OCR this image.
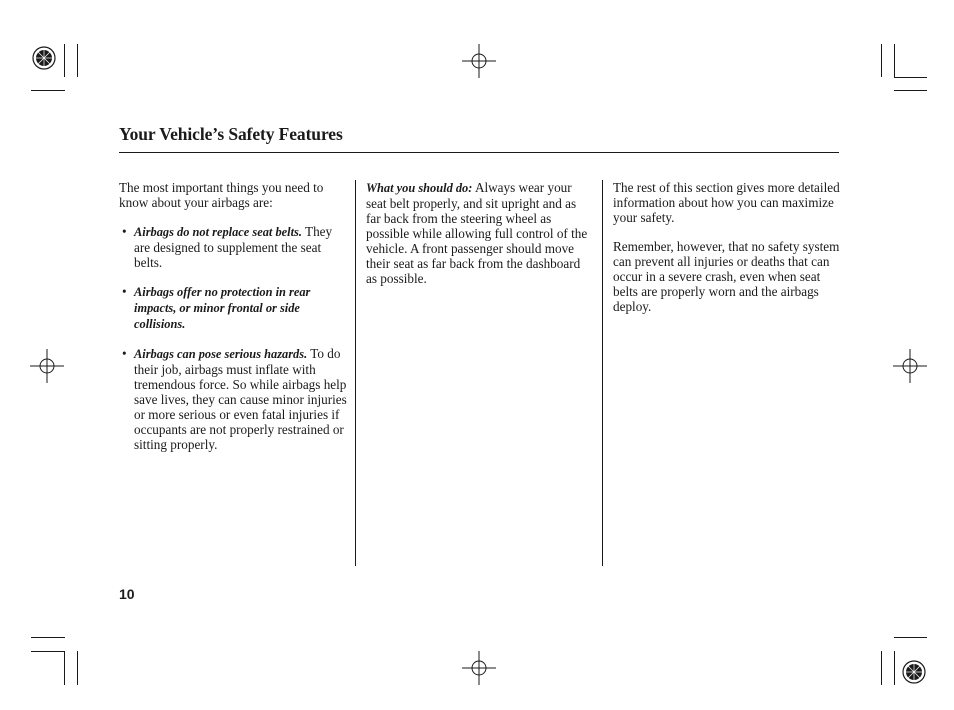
Your Vehicle’s Safety Features

The most important things you need to know about your airbags are:

• Airbags do not replace seat belts. They are designed to supplement the seat belts.
• Airbags offer no protection in rear impacts, or minor frontal or side collisions.
• Airbags can pose serious hazards. To do their job, airbags must inflate with tremendous force. So while airbags help save lives, they can cause minor injuries or more serious or even fatal injuries if occupants are not properly restrained or sitting properly.

What you should do: Always wear your seat belt properly, and sit upright and as far back from the steering wheel as possible while allowing full control of the vehicle. A front passenger should move their seat as far back from the dashboard as possible.

The rest of this section gives more detailed information about how you can maximize your safety.

Remember, however, that no safety system can prevent all injuries or deaths that can occur in a severe crash, even when seat belts are properly worn and the airbags deploy.

10
